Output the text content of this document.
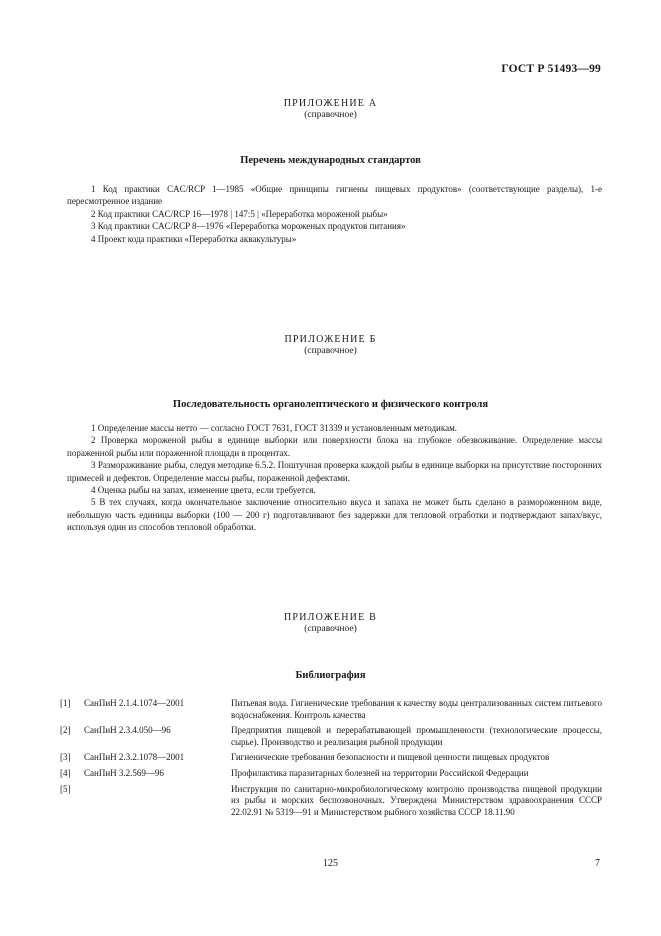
ГОСТ Р 51493—99
ПРИЛОЖЕНИЕ А
(справочное)
Перечень международных стандартов

1 Код практики CAC/RCP 1—1985 «Общие принципы гигиены пищевых продуктов» (соответствующие разделы), 1-е пересмотренное издание

2 Код практики CAC/RCP 16—1978 | 147:5 | «Переработка мороженой рыбы»

3 Код практики CAC/RCP 8—1976 «Переработка мороженых продуктов питания»

4 Проект кода практики «Переработка аквакультуры»

ПРИЛОЖЕНИЕ Б
(справочное)
Последовательность органолептического и физического контроля

1 Определение массы нетто — согласно ГОСТ 7631, ГОСТ 31339 и установленным методикам.

2 Проверка мороженой рыбы в единице выборки или поверхности блока на глубокое обезвоживание. Определение массы пораженной рыбы или пораженной площади в процентах.

3 Размораживание рыбы, следуя методике 6.5.2. Поштучная проверка каждой рыбы в единице выборки на присутствие посторонних примесей и дефектов. Определение массы рыбы, пораженной дефектами.

4 Оценка рыбы на запах, изменение цвета, если требуется.

5 В тех случаях, когда окончательное заключение относительно вкуса и запаха не может быть сделано в размороженном виде, небольшую часть единицы выборки (100 — 200 г) подготавливают без задержки для тепловой отработки и подтверждают запах/вкус, используя один из способов тепловой обработки.

ПРИЛОЖЕНИЕ В
(справочное)
Библиография
[1]	СанПиН 2.1.4.1074—2001	Питьевая вода. Гигиенические требования к качеству воды централизованных систем питьевого водоснабжения. Контроль качества
[2]	СанПиН 2.3.4.050—96	Предприятия пищевой и перерабатывающей промышленности (технологические процессы, сырье). Производство и реализация рыбной продукции
[3]	СанПиН 2.3.2.1078—2001	Гигиенические требования безопасности и пищевой ценности пищевых продуктов
[4]	СанПиН 3.2.569—96	Профилактика паразитарных болезней на территории Российской Федерации
[5]		Инструкция по санитарно-микробиологическому контролю производства пищевой продукции из рыбы и морских беспозвоночных. Утверждена Министерством здравоохранения СССР 22.02.91 № 5319—91 и Министерством рыбного хозяйства СССР 18.11.90
125	7
